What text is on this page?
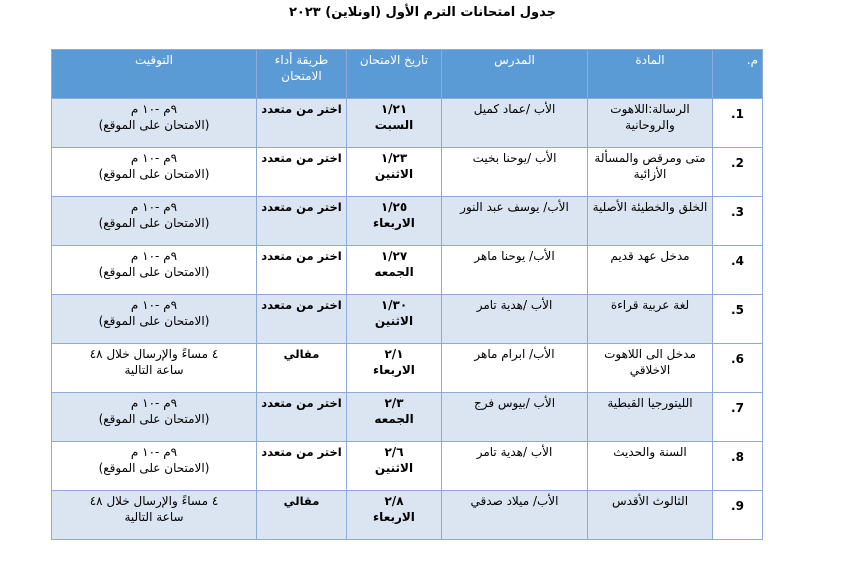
جدول امتحانات الترم الأول (اونلاين) ٢٠٢٣
م.	المادة	المدرس	تاريخ الامتحان	طريقة أداء الامتحان	التوقيت
1.	الرسالة:اللاهوت والروحانية	الأب /عماد كميل	١/٢١
السبت	اختر من متعدد	٩م -١٠ م
(الامتحان على الموقع)

2.	متى ومرقص والمسألة الأزائية	الأب /يوحنا بخيت	١/٢٣
الاثنين	اختر من متعدد	٩م -١٠ م
(الامتحان على الموقع)

3.	الخلق والخطيئة الأصلية	الأب/ يوسف عبد النور	١/٢٥
الاربعاء	اختر من متعدد	٩م -١٠ م
(الامتحان على الموقع)

4.	مدخل عهد قديم	الأب/ يوحنا ماهر	١/٢٧
الجمعه	اختر من متعدد	٩م -١٠ م
(الامتحان على الموقع)

5.	لغة عربية قراءة	الأب /هدية تامر	١/٣٠
الاثنين	اختر من متعدد	٩م -١٠ م
(الامتحان على الموقع)

6.	مدخل الى اللاهوت الاخلاقي	الأب/ ابرام ماهر	٢/١
الاربعاء	مقالي	٤ مساءً والإرسال خلال ٤٨
ساعة التالية

7.	الليتورجيا القبطية	الأب /بيوس فرج	٢/٣
الجمعه	اختر من متعدد	٩م -١٠ م
(الامتحان على الموقع)

8.	السنة والحديث	الأب /هدية تامر	٢/٦
الاثنين	اختر من متعدد	٩م -١٠ م
(الامتحان على الموقع)

9.	الثالوث الأقدس	الأب/ ميلاد صدقي	٢/٨
الاربعاء	مقالي	٤ مساءً والإرسال خلال ٤٨
ساعة التالية
